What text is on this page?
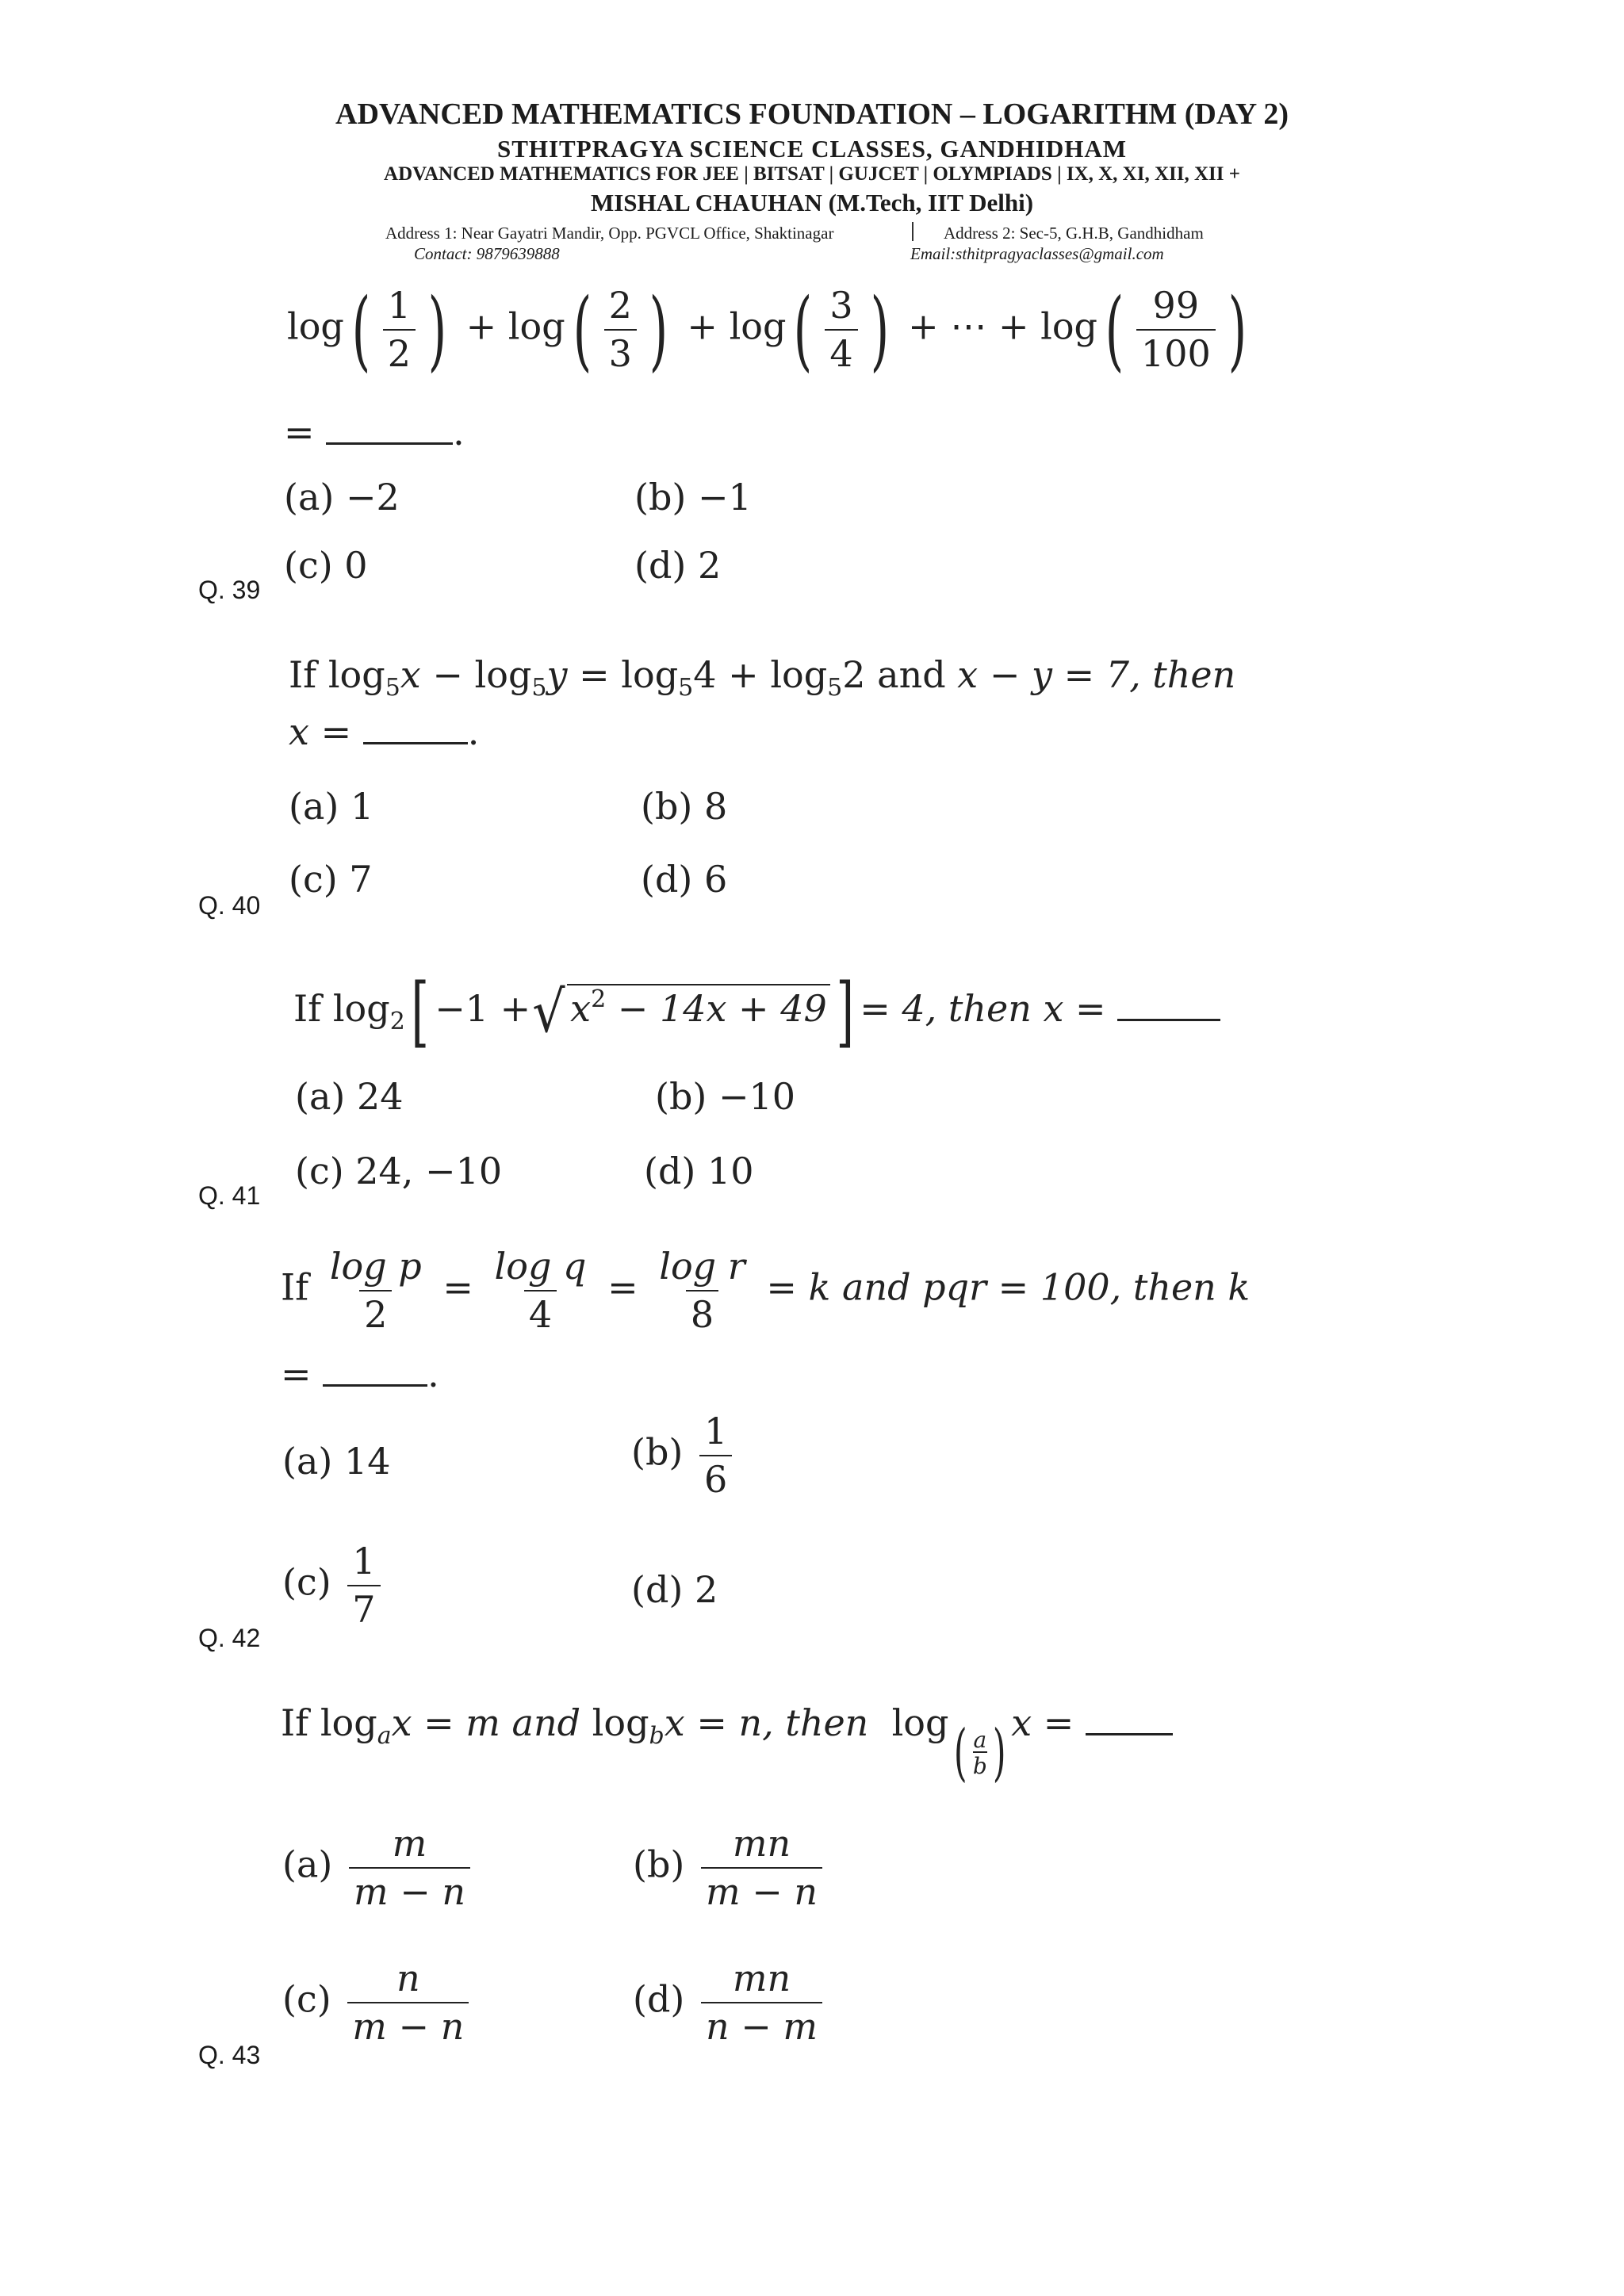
ADVANCED MATHEMATICS FOUNDATION – LOGARITHM (DAY 2)
STHITPRAGYA SCIENCE CLASSES, GANDHIDHAM
ADVANCED MATHEMATICS FOR JEE | BITSAT | GUJCET | OLYMPIADS | IX, X, XI, XII, XII +
MISHAL CHAUHAN (M.Tech, IIT Delhi)
Address 1: Near Gayatri Mandir, Opp. PGVCL Office, Shaktinagar	Address 2: Sec-5, G.H.B, Gandhidham
Contact: 9879639888	Email:sthitpragyaclasses@gmail.com
$\log( \frac{1}{2}$ ) + $\log( \frac{2}{3}$ ) + $\log( \frac{3}{4}$ ) + ⋯ + $\log( \frac{99}{100}$ )
=	.
(a) −2	(b) −1
(c) 0	(d) 2
Q. 39
If $\log_5x - \log_5y = \log_54 + \log_52$ and x − y = 7, then
x =	.
(a) 1	(b) 8
(c) 7	(d) 6
Q. 40
If $\log_2[ -1$ +√ $x^2 - 14x + 49$ ] = 4, then x =
(a) 24	(b) −10
(c) 24, −10	(d) 10
Q. 41
If $\frac{\text{log p}}{2} = \frac{\text{log q}}{4} = \frac{\text{log r}}{8} = k$ and pqr = 100, then k
=	.
(a) 14	$(b) \frac{1}{6}$
$(c) \frac{1}{7}$	(d) 2
Q. 42
If $\log_ax = m$ and $\log_bx = n$, then $\log( \frac{a}{b}$ ) x =
$(a) \frac{m}{m - n}$	$(b) \frac{mn}{m - n}$
$(c) \frac{n}{m - n}$	$(d) \frac{mn}{n - m}$
Q. 43
